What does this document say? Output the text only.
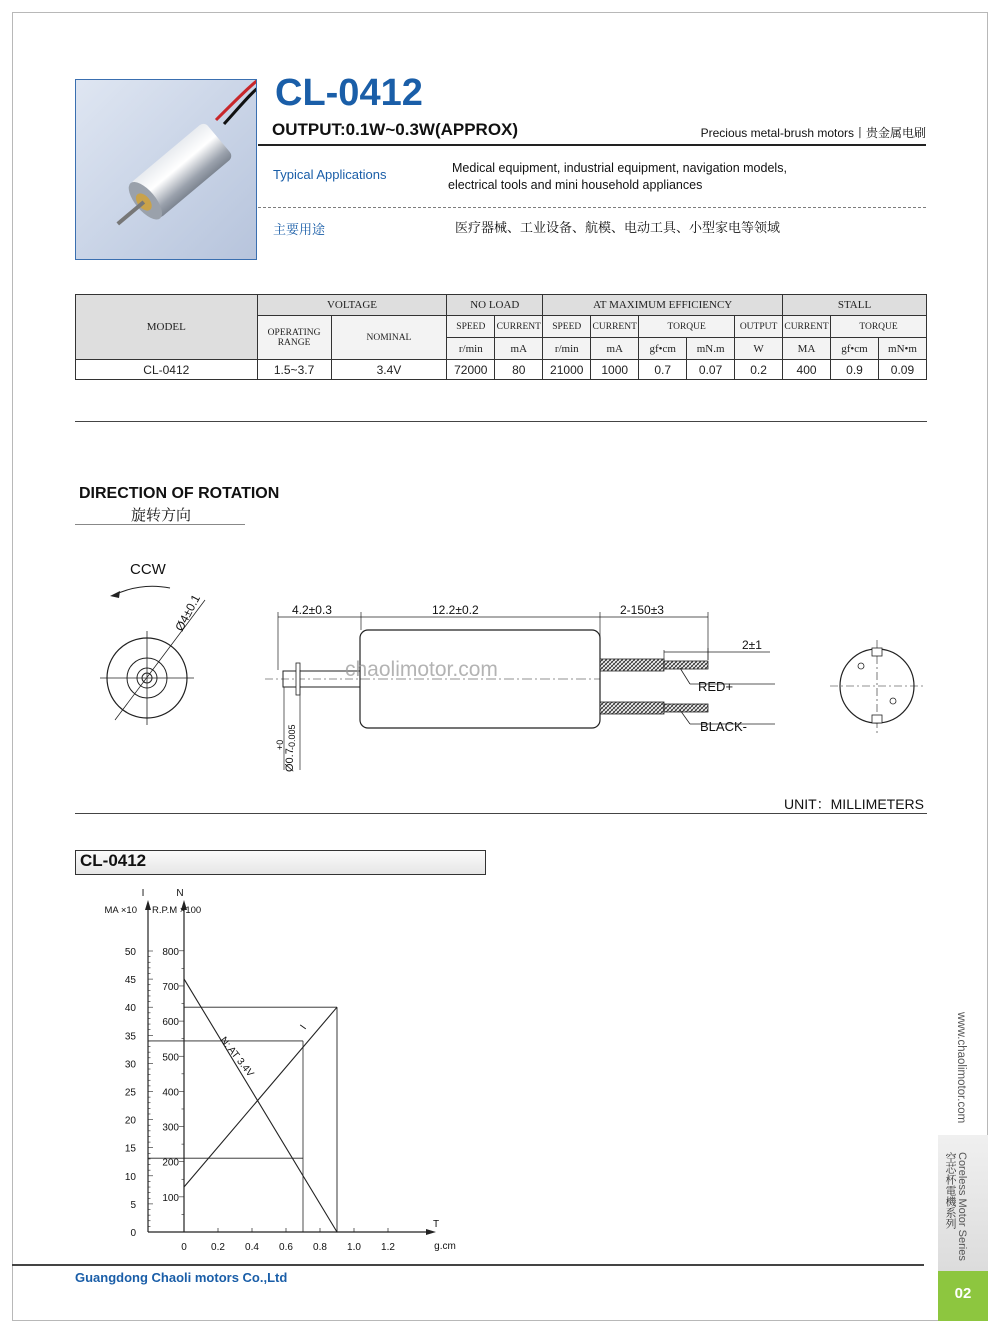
CL-0412
OUTPUT:0.1W~0.3W(APPROX)	Precious metal-brush motors丨贵金属电刷
Typical Applications	Medical equipment, industrial equipment, navigation models,
electrical tools and mini household appliances
主要用途	医疗器械、工业设备、航模、电动工具、小型家电等领域
MODEL	VOLTAGE		NO LOAD		AT MAXIMUM EFFICIENCY					STALL		
	OPERATING RANGE	NOMINAL	SPEED	CURRENT	SPEED	CURRENT	TORQUE		OUTPUT	CURRENT	TORQUE	
			r/min	mA	r/min	mA	gf•cm	mN.m	W	MA	gf•cm	mN•m
CL-0412	1.5~3.7	3.4V	72000	80	21000	1000	0.7	0.07	0.2	400	0.9	0.09
DIRECTION OF ROTATION
旋转方向
CCW
Ø4±0.1	4.2±0.3	12.2±0.2	2-150±3
2±1
RED+
BLACK-
chaolimotor.com
Ø0.7
+0 -0.005
UNIT：MILLIMETERS
CL-0412
0
5
10
15
20
25
30
35
40
45
50
100
200
300
400
500
600
700
800
0 0.2 0.4 0.6 0.8 1.0 1.2
I	N
MA ×10 R.P.M ×100
T
g.cm
N: AT 3.4V
I
Guangdong Chaoli motors Co.,Ltd
www.chaolimotor.com
Coreless Motor Series
空芯杯電機系列
02
